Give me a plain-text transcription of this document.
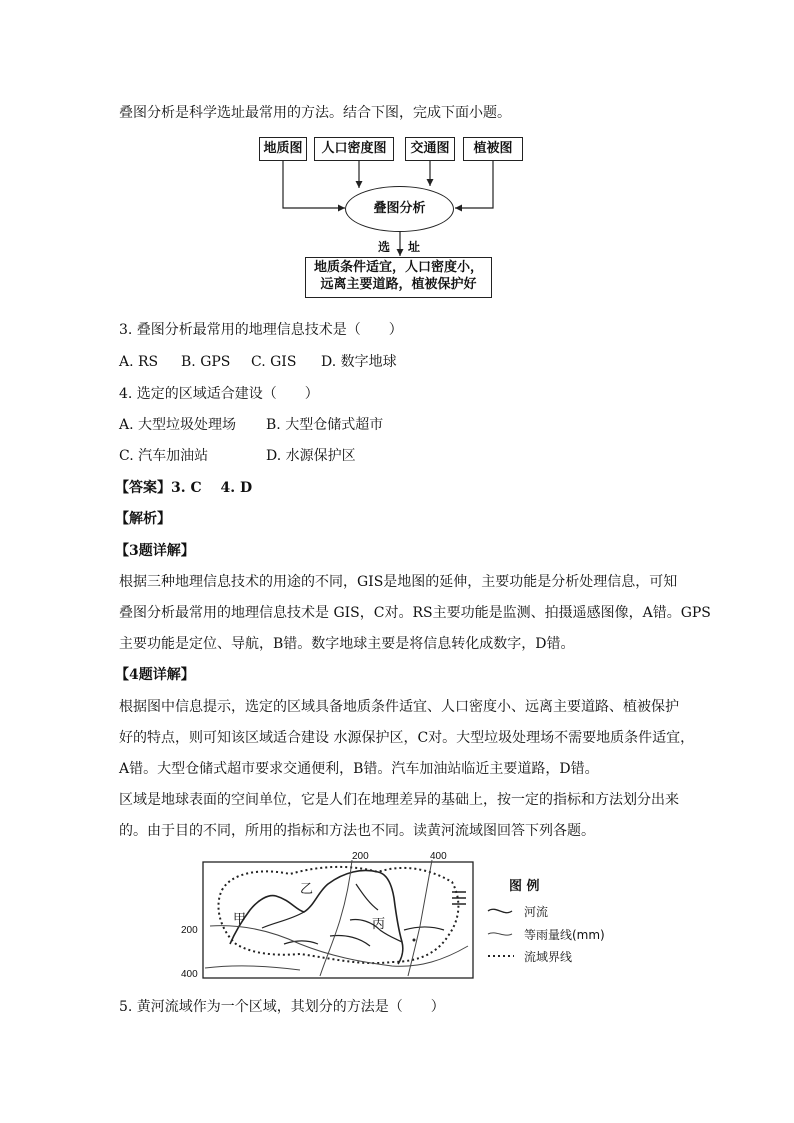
叠图分析是科学选址最常用的方法。结合下图，完成下面小题。
地质图	人口密度图	交通图	植被图
叠图分析
选 址
地质条件适宜，人口密度小，
远离主要道路，植被保护好
3. 叠图分析最常用的地理信息技术是（　　）
A. RS B. GPS C. GIS D. 数字地球
4. 选定的区域适合建设（　　）
A. 大型垃圾处理场 B. 大型仓储式超市
C. 汽车加油站	D. 水源保护区
【答案】3. C　 4. D
【解析】
【3题详解】
根据三种地理信息技术的用途的不同，GIS是地图的延伸，主要功能是分析处理信息，可知
叠图分析最常用的地理信息技术是 GIS，C对。RS主要功能是监测、拍摄遥感图像，A错。GPS
主要功能是定位、导航，B错。数字地球主要是将信息转化成数字，D错。
【4题详解】
根据图中信息提示，选定的区域具备地质条件适宜、人口密度小、远离主要道路、植被保护
好的特点，则可知该区域适合建设 水源保护区，C对。大型垃圾处理场不需要地质条件适宜，
A错。大型仓储式超市要求交通便利，B错。汽车加油站临近主要道路，D错。
区域是地球表面的空间单位，它是人们在地理差异的基础上，按一定的指标和方法划分出来
的。由于目的不同，所用的指标和方法也不同。读黄河流域图回答下列各题。
200	400
200
400
乙
甲	丙
图 例
河流
等雨量线(mm)
流域界线
5. 黄河流域作为一个区域，其划分的方法是（　　）
